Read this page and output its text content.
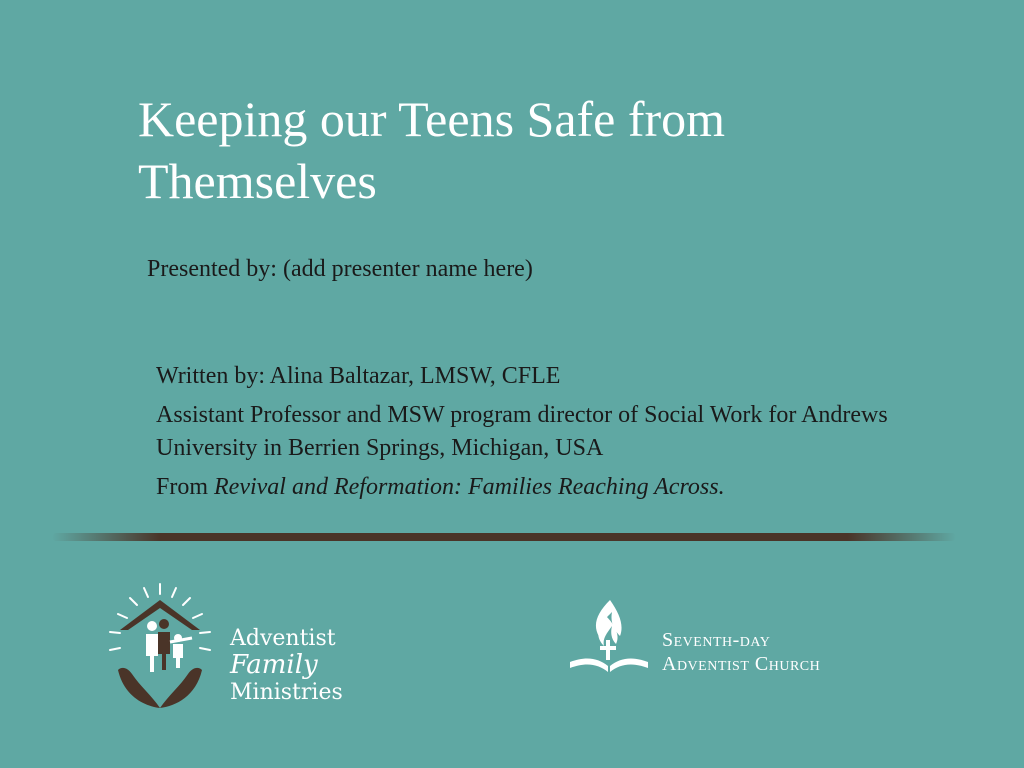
Keeping our Teens Safe from Themselves
Presented by: (add presenter name here)

Written by: Alina Baltazar, LMSW, CFLE

Assistant Professor and MSW program director of Social Work for Andrews University in Berrien Springs, Michigan, USA

From Revival and Reformation: Families Reaching Across.

Adventist
Family Ministries
Seventh-day
Adventist Church
